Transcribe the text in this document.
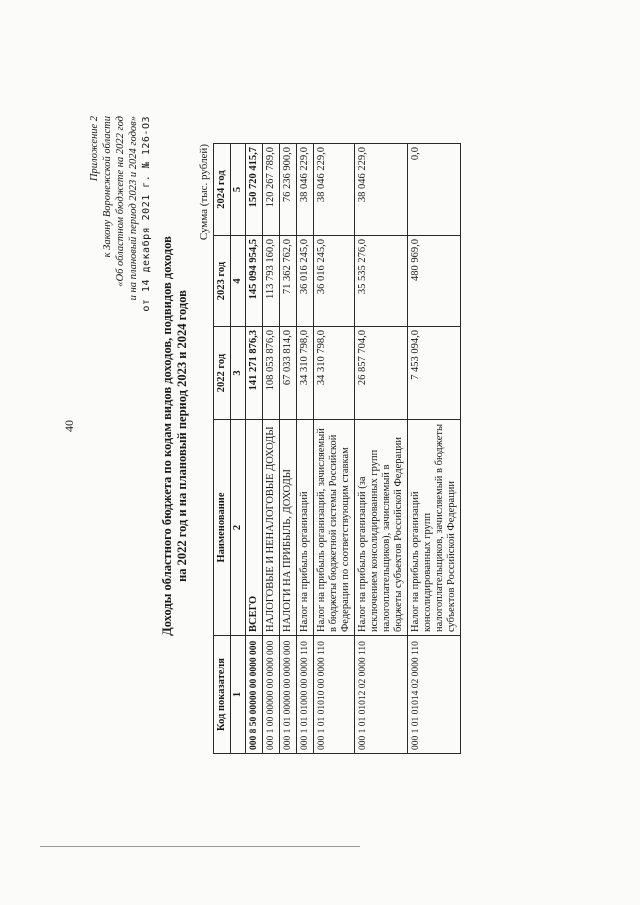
40
Приложение 2 к Закону Воронежской области «Об областном бюджете на 2022 год и на плановый период 2023 и 2024 годов» от 14 декабря 2021 г. № 126-ОЗ
Доходы областного бюджета по кодам видов доходов, подвидов доходов на 2022 год и на плановый период 2023 и 2024 годов
Сумма (тыс. рублей)
Код показателя	Наименование	2022 год	2023 год	2024 год
1	2	3	4	5
000 8 50 00000 00 0000 000	ВСЕГО	141 271 876,3	145 094 954,5	150 720 415,7
000 1 00 00000 00 0000 000	НАЛОГОВЫЕ И НЕНАЛОГОВЫЕ ДОХОДЫ	108 053 876,0	113 793 160,0	120 267 789,0
000 1 01 00000 00 0000 000	НАЛОГИ НА ПРИБЫЛЬ, ДОХОДЫ	67 033 814,0	71 362 762,0	76 236 900,0
000 1 01 01000 00 0000 110	Налог на прибыль организаций	34 310 798,0	36 016 245,0	38 046 229,0
000 1 01 01010 00 0000 110	Налог на прибыль организаций, зачисляемый в бюджеты бюджетной системы Российской Федерации по соответствующим ставкам	34 310 798,0	36 016 245,0	38 046 229,0
000 1 01 01012 02 0000 110	Налог на прибыль организаций (за исключением консолидированных групп налогоплательщиков), зачисляемый в бюджеты субъектов Российской Федерации	26 857 704,0	35 535 276,0	38 046 229,0
000 1 01 01014 02 0000 110	Налог на прибыль организаций консолидированных групп налогоплательщиков, зачисляемый в бюджеты субъектов Российской Федерации	7 453 094,0	480 969,0	0,0
